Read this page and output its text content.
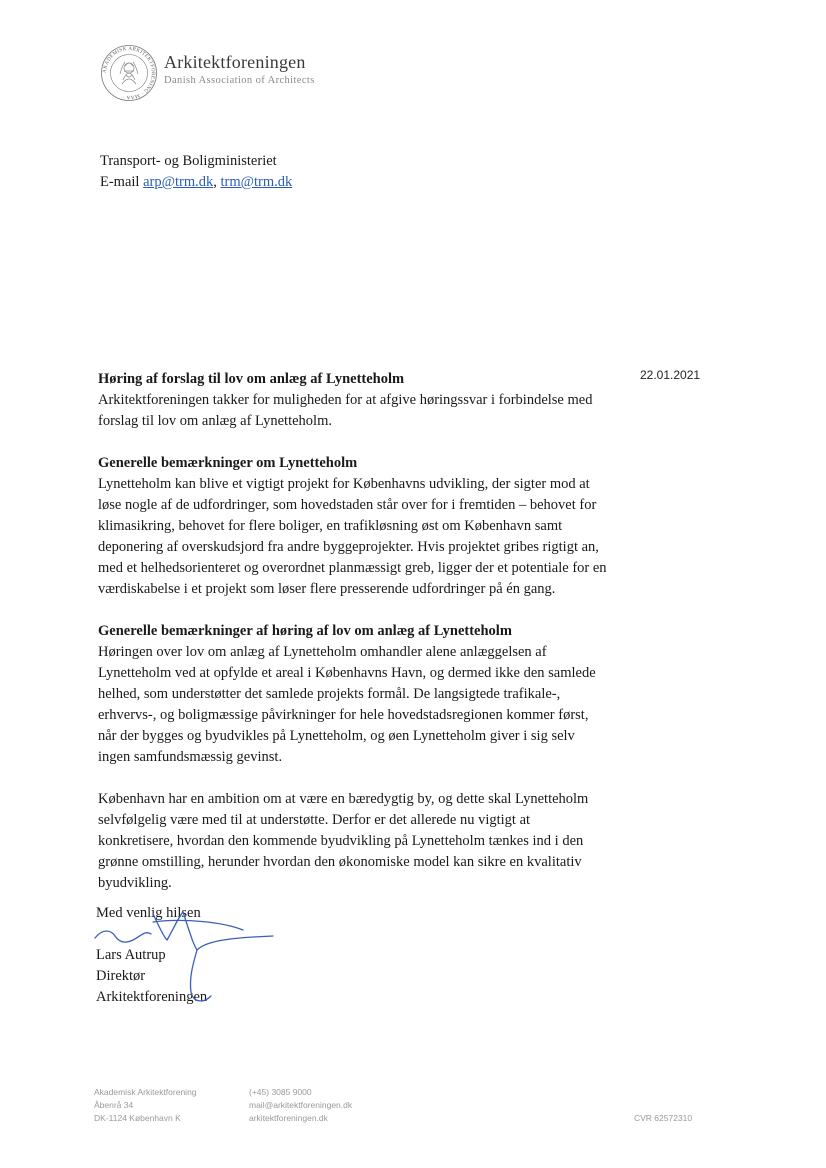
AKADEMISK ARKITEKTFORENING · MAA ·
Arkitektforeningen
Danish Association of Architects
Transport- og Boligministeriet
E-mail arp@trm.dk, trm@trm.dk
22.01.2021
Høring af forslag til lov om anlæg af Lynetteholm

Arkitektforeningen takker for muligheden for at afgive høringssvar i forbindelse med forslag til lov om anlæg af Lynetteholm.

Generelle bemærkninger om Lynetteholm

Lynetteholm kan blive et vigtigt projekt for Københavns udvikling, der sigter mod at løse nogle af de udfordringer, som hovedstaden står over for i fremtiden – behovet for klimasikring, behovet for flere boliger, en trafikløsning øst om København samt deponering af overskudsjord fra andre byggeprojekter. Hvis projektet gribes rigtigt an, med et helhedsorienteret og overordnet planmæssigt greb, ligger der et potentiale for en værdiskabelse i et projekt som løser flere presserende udfordringer på én gang.

Generelle bemærkninger af høring af lov om anlæg af Lynetteholm

Høringen over lov om anlæg af Lynetteholm omhandler alene anlæggelsen af Lynetteholm ved at opfylde et areal i Københavns Havn, og dermed ikke den samlede helhed, som understøtter det samlede projekts formål. De langsigtede trafikale-, erhvervs-, og boligmæssige påvirkninger for hele hovedstadsregionen kommer først, når der bygges og byudvikles på Lynetteholm, og øen Lynetteholm giver i sig selv ingen samfundsmæssig gevinst.

København har en ambition om at være en bæredygtig by, og dette skal Lynetteholm selvfølgelig være med til at understøtte. Derfor er det allerede nu vigtigt at konkretisere, hvordan den kommende byudvikling på Lynetteholm tænkes ind i den grønne omstilling, herunder hvordan den økonomiske model kan sikre en kvalitativ byudvikling.

Med venlig hilsen
Lars Autrup
Direktør
Arkitektforeningen
Akademisk Arkitektforening
Åbenrå 34
DK-1124 København K
(+45) 3085 9000
mail@arkitektforeningen.dk
arkitektforeningen.dk	CVR 62572310
